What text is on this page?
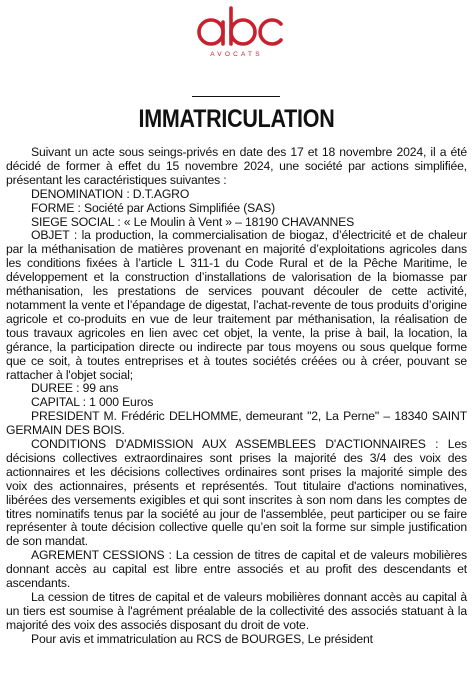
AVOCATS
IMMATRICULATION

Suivant un acte sous seings-privés en date des 17 et 18 novembre 2024, il a été décidé de former à effet du 15 novembre 2024, une société par actions simplifiée, présentant les caractéristiques suivantes :

DENOMINATION : D.T.AGRO

FORME : Société par Actions Simplifiée (SAS)

SIEGE SOCIAL : « Le Moulin à Vent » – 18190 CHAVANNES

OBJET : la production, la commercialisation de biogaz, d’électricité et de chaleur par la méthanisation de matières provenant en majorité d’exploitations agricoles dans les conditions fixées à l’article L 311-1 du Code Rural et de la Pêche Maritime, le développement et la construction d’installations de valorisation de la biomasse par méthanisation, les prestations de services pouvant découler de cette activité, notamment la vente et l’épandage de digestat, l’achat-revente de tous produits d’origine agricole et co-produits en vue de leur traitement par méthanisation, la réalisation de tous travaux agricoles en lien avec cet objet, la vente, la prise à bail, la location, la gérance, la participation directe ou indirecte par tous moyens ou sous quelque forme que ce soit, à toutes entreprises et à toutes sociétés créées ou à créer, pouvant se rattacher à l'objet social;

DUREE : 99 ans

CAPITAL : 1 000 Euros

PRESIDENT M. Frédéric DELHOMME, demeurant "2, La Perne" – 18340 SAINT GERMAIN DES BOIS.

CONDITIONS D'ADMISSION AUX ASSEMBLEES D'ACTIONNAIRES : Les décisions collectives extraordinaires sont prises la majorité des 3/4 des voix des actionnaires et les décisions collectives ordinaires sont prises la majorité simple des voix des actionnaires, présents et représentés. Tout titulaire d'actions nominatives, libérées des versements exigibles et qui sont inscrites à son nom dans les comptes de titres nominatifs tenus par la société au jour de l'assemblée, peut participer ou se faire représenter à toute décision collective quelle qu’en soit la forme sur simple justification de son mandat.

AGREMENT CESSIONS : La cession de titres de capital et de valeurs mobilières donnant accès au capital est libre entre associés et au profit des descendants et ascendants.

La cession de titres de capital et de valeurs mobilières donnant accès au capital à un tiers est soumise à l'agrément préalable de la collectivité des associés statuant à la majorité des voix des associés disposant du droit de vote.

Pour avis et immatriculation au RCS de BOURGES, Le président
